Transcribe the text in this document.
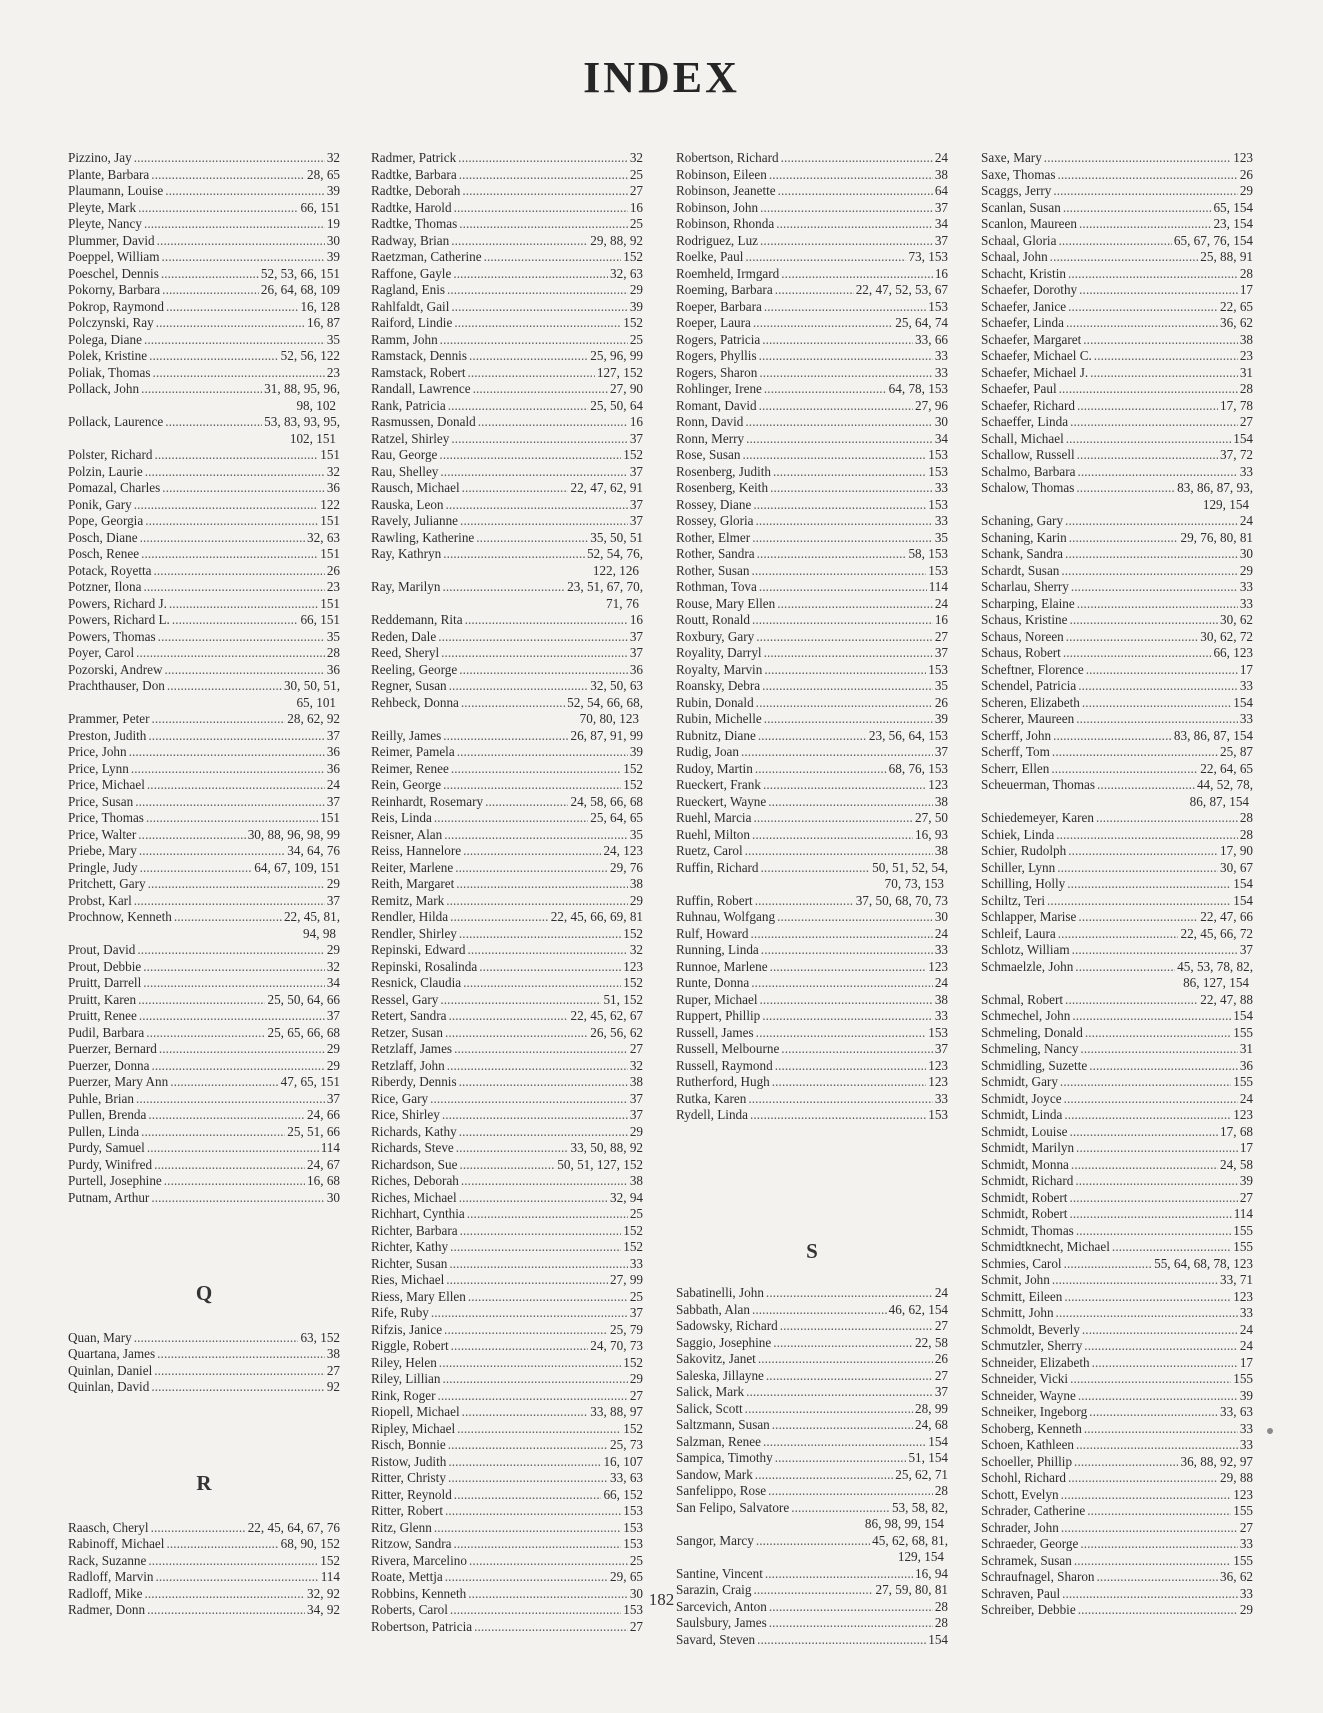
INDEX
Pizzino, Jay . . .	32
Plante, Barbara . . .	28, 65
Plaumann, Louise . . .	39
Pleyte, Mark . . .	66, 151
Pleyte, Nancy . . .	19
Plummer, David . . .	30
Poeppel, William . . .	39
Poeschel, Dennis . . .	52, 53, 66, 151
Pokorny, Barbara . . .	26, 64, 68, 109
Pokrop, Raymond . . .	16, 128
Polczynski, Ray . . .	16, 87
Polega, Diane . . .	35
Polek, Kristine . . .	52, 56, 122
Poliak, Thomas . . .	23
Pollack, John . . .	31, 88, 95, 96,
98, 102
Pollack, Laurence . . .	53, 83, 93, 95,
102, 151
Polster, Richard . . .	151
Polzin, Laurie . . .	32
Pomazal, Charles . . .	36
Ponik, Gary . . .	122
Pope, Georgia . . .	151
Posch, Diane . . .	32, 63
Posch, Renee . . .	151
Potack, Royetta . . .	26
Potzner, Ilona . . .	23
Powers, Richard J. . . .	151
Powers, Richard L. . . .	66, 151
Powers, Thomas . . .	35
Poyer, Carol . . .	28
Pozorski, Andrew . . .	36
Prachthauser, Don . . .	30, 50, 51,
65, 101
Prammer, Peter . . .	28, 62, 92
Preston, Judith . . .	37
Price, John . . .	36
Price, Lynn . . .	36
Price, Michael . . .	24
Price, Susan . . .	37
Price, Thomas . . .	151
Price, Walter . . .	30, 88, 96, 98, 99
Priebe, Mary . . .	34, 64, 76
Pringle, Judy . . .	64, 67, 109, 151
Pritchett, Gary . . .	29
Probst, Karl . . .	37
Prochnow, Kenneth . . .	22, 45, 81,
94, 98
Prout, David . . .	29
Prout, Debbie . . .	32
Pruitt, Darrell . . .	34
Pruitt, Karen . . .	25, 50, 64, 66
Pruitt, Renee . . .	37
Pudil, Barbara . . .	25, 65, 66, 68
Puerzer, Bernard . . .	29
Puerzer, Donna . . .	29
Puerzer, Mary Ann . . .	47, 65, 151
Puhle, Brian . . .	37
Pullen, Brenda . . .	24, 66
Pullen, Linda . . .	25, 51, 66
Purdy, Samuel . . .	114
Purdy, Winifred . . .	24, 67
Purtell, Josephine . . .	16, 68
Putnam, Arthur . . .	30
Q
Quan, Mary . . .	63, 152
Quartana, James . . .	38
Quinlan, Daniel . . .	27
Quinlan, David . . .	92
R
Raasch, Cheryl . . .	22, 45, 64, 67, 76
Rabinoff, Michael . . .	68, 90, 152
Rack, Suzanne . . .	152
Radloff, Marvin . . .	114
Radloff, Mike . . .	32, 92
Radmer, Donn . . .	34, 92
Radmer, Patrick . . .	32
Radtke, Barbara . . .	25
Radtke, Deborah . . .	27
Radtke, Harold . . .	16
Radtke, Thomas . . .	25
Radway, Brian . . .	29, 88, 92
Raetzman, Catherine . . .	152
Raffone, Gayle . . .	32, 63
Ragland, Enis . . .	29
Rahlfaldt, Gail . . .	39
Raiford, Lindie . . .	152
Ramm, John . . .	25
Ramstack, Dennis . . .	25, 96, 99
Ramstack, Robert . . .	127, 152
Randall, Lawrence . . .	27, 90
Rank, Patricia . . .	25, 50, 64
Rasmussen, Donald . . .	16
Ratzel, Shirley . . .	37
Rau, George . . .	152
Rau, Shelley . . .	37
Rausch, Michael . . .	22, 47, 62, 91
Rauska, Leon . . .	37
Ravely, Julianne . . .	37
Rawling, Katherine . . .	35, 50, 51
Ray, Kathryn . . .	52, 54, 76,
122, 126
Ray, Marilyn . . .	23, 51, 67, 70,
71, 76
Reddemann, Rita . . .	16
Reden, Dale . . .	37
Reed, Sheryl . . .	37
Reeling, George . . .	36
Regner, Susan . . .	32, 50, 63
Rehbeck, Donna . . .	52, 54, 66, 68,
70, 80, 123
Reilly, James . . .	26, 87, 91, 99
Reimer, Pamela . . .	39
Reimer, Renee . . .	152
Rein, George . . .	152
Reinhardt, Rosemary . . .	24, 58, 66, 68
Reis, Linda . . .	25, 64, 65
Reisner, Alan . . .	35
Reiss, Hannelore . . .	24, 123
Reiter, Marlene . . .	29, 76
Reith, Margaret . . .	38
Remitz, Mark . . .	29
Rendler, Hilda . . .	22, 45, 66, 69, 81
Rendler, Shirley . . .	152
Repinski, Edward . . .	32
Repinski, Rosalinda . . .	123
Resnick, Claudia . . .	152
Ressel, Gary . . .	51, 152
Retert, Sandra . . .	22, 45, 62, 67
Retzer, Susan . . .	26, 56, 62
Retzlaff, James . . .	27
Retzlaff, John . . .	32
Riberdy, Dennis . . .	38
Rice, Gary . . .	37
Rice, Shirley . . .	37
Richards, Kathy . . .	29
Richards, Steve . . .	33, 50, 88, 92
Richardson, Sue . . .	50, 51, 127, 152
Riches, Deborah . . .	38
Riches, Michael . . .	32, 94
Richhart, Cynthia . . .	25
Richter, Barbara . . .	152
Richter, Kathy . . .	152
Richter, Susan . . .	33
Ries, Michael . . .	27, 99
Riess, Mary Ellen . . .	25
Rife, Ruby . . .	37
Rifzis, Janice . . .	25, 79
Riggle, Robert . . .	24, 70, 73
Riley, Helen . . .	152
Riley, Lillian . . .	29
Rink, Roger . . .	27
Riopell, Michael . . .	33, 88, 97
Ripley, Michael . . .	152
Risch, Bonnie . . .	25, 73
Ristow, Judith . . .	16, 107
Ritter, Christy . . .	33, 63
Ritter, Reynold . . .	66, 152
Ritter, Robert . . .	153
Ritz, Glenn . . .	153
Ritzow, Sandra . . .	153
Rivera, Marcelino . . .	25
Roate, Mettja . . .	29, 65
Robbins, Kenneth . . .	30
Roberts, Carol . . .	153
Robertson, Patricia . . .	27
Robertson, Richard . . .	24
Robinson, Eileen . . .	38
Robinson, Jeanette . . .	64
Robinson, John . . .	37
Robinson, Rhonda . . .	34
Rodriguez, Luz . . .	37
Roelke, Paul . . .	73, 153
Roemheld, Irmgard . . .	16
Roeming, Barbara . . .	22, 47, 52, 53, 67
Roeper, Barbara . . .	153
Roeper, Laura . . .	25, 64, 74
Rogers, Patricia . . .	33, 66
Rogers, Phyllis . . .	33
Rogers, Sharon . . .	33
Rohlinger, Irene . . .	64, 78, 153
Romant, David . . .	27, 96
Ronn, David . . .	30
Ronn, Merry . . .	34
Rose, Susan . . .	153
Rosenberg, Judith . . .	153
Rosenberg, Keith . . .	33
Rossey, Diane . . .	153
Rossey, Gloria . . .	33
Rother, Elmer . . .	35
Rother, Sandra . . .	58, 153
Rother, Susan . . .	153
Rothman, Tova . . .	114
Rouse, Mary Ellen . . .	24
Routt, Ronald . . .	16
Roxbury, Gary . . .	27
Royality, Darryl . . .	37
Royalty, Marvin . . .	153
Roansky, Debra . . .	35
Rubin, Donald . . .	26
Rubin, Michelle . . .	39
Rubnitz, Diane . . .	23, 56, 64, 153
Rudig, Joan . . .	37
Rudoy, Martin . . .	68, 76, 153
Rueckert, Frank . . .	123
Rueckert, Wayne . . .	38
Ruehl, Marcia . . .	27, 50
Ruehl, Milton . . .	16, 93
Ruetz, Carol . . .	38
Ruffin, Richard . . .	50, 51, 52, 54,
70, 73, 153
Ruffin, Robert . . .	37, 50, 68, 70, 73
Ruhnau, Wolfgang . . .	30
Rulf, Howard . . .	24
Running, Linda . . .	33
Runnoe, Marlene . . .	123
Runte, Donna . . .	24
Ruper, Michael . . .	38
Ruppert, Phillip . . .	33
Russell, James . . .	153
Russell, Melbourne . . .	37
Russell, Raymond . . .	123
Rutherford, Hugh . . .	123
Rutka, Karen . . .	33
Rydell, Linda . . .	153
S
Sabatinelli, John . . .	24
Sabbath, Alan . . .	46, 62, 154
Sadowsky, Richard . . .	27
Saggio, Josephine . . .	22, 58
Sakovitz, Janet . . .	26
Saleska, Jillayne . . .	27
Salick, Mark . . .	37
Salick, Scott . . .	28, 99
Saltzmann, Susan . . .	24, 68
Salzman, Renee . . .	154
Sampica, Timothy . . .	51, 154
Sandow, Mark . . .	25, 62, 71
Sanfelippo, Rose . . .	28
San Felipo, Salvatore . . .	53, 58, 82,
86, 98, 99, 154
Sangor, Marcy . . .	45, 62, 68, 81,
129, 154
Santine, Vincent . . .	16, 94
Sarazin, Craig . . .	27, 59, 80, 81
Sarcevich, Anton . . .	28
Saulsbury, James . . .	28
Savard, Steven . . .	154
Saxe, Mary . . .	123
Saxe, Thomas . . .	26
Scaggs, Jerry . . .	29
Scanlan, Susan . . .	65, 154
Scanlon, Maureen . . .	23, 154
Schaal, Gloria . . .	65, 67, 76, 154
Schaal, John . . .	25, 88, 91
Schacht, Kristin . . .	28
Schaefer, Dorothy . . .	17
Schaefer, Janice . . .	22, 65
Schaefer, Linda . . .	36, 62
Schaefer, Margaret . . .	38
Schaefer, Michael C. . . .	23
Schaefer, Michael J. . . .	31
Schaefer, Paul . . .	28
Schaefer, Richard . . .	17, 78
Schaeffer, Linda . . .	27
Schall, Michael . . .	154
Schallow, Russell . . .	37, 72
Schalmo, Barbara . . .	33
Schalow, Thomas . . .	83, 86, 87, 93,
129, 154
Schaning, Gary . . .	24
Schaning, Karin . . .	29, 76, 80, 81
Schank, Sandra . . .	30
Schardt, Susan . . .	29
Scharlau, Sherry . . .	33
Scharping, Elaine . . .	33
Schaus, Kristine . . .	30, 62
Schaus, Noreen . . .	30, 62, 72
Schaus, Robert . . .	66, 123
Scheftner, Florence . . .	17
Schendel, Patricia . . .	33
Scheren, Elizabeth . . .	154
Scherer, Maureen . . .	33
Scherff, John . . .	83, 86, 87, 154
Scherff, Tom . . .	25, 87
Scherr, Ellen . . .	22, 64, 65
Scheuerman, Thomas . . .	44, 52, 78,
86, 87, 154
Schiedemeyer, Karen . . .	28
Schiek, Linda . . .	28
Schier, Rudolph . . .	17, 90
Schiller, Lynn . . .	30, 67
Schilling, Holly . . .	154
Schiltz, Teri . . .	154
Schlapper, Marise . . .	22, 47, 66
Schleif, Laura . . .	22, 45, 66, 72
Schlotz, William . . .	37
Schmaelzle, John . . .	45, 53, 78, 82,
86, 127, 154
Schmal, Robert . . .	22, 47, 88
Schmechel, John . . .	154
Schmeling, Donald . . .	155
Schmeling, Nancy . . .	31
Schmidling, Suzette . . .	36
Schmidt, Gary . . .	155
Schmidt, Joyce . . .	24
Schmidt, Linda . . .	123
Schmidt, Louise . . .	17, 68
Schmidt, Marilyn . . .	17
Schmidt, Monna . . .	24, 58
Schmidt, Richard . . .	39
Schmidt, Robert . . .	27
Schmidt, Robert . . .	114
Schmidt, Thomas . . .	155
Schmidtknecht, Michael . . .	155
Schmies, Carol . . .	55, 64, 68, 78, 123
Schmit, John . . .	33, 71
Schmitt, Eileen . . .	123
Schmitt, John . . .	33
Schmoldt, Beverly . . .	24
Schmutzler, Sherry . . .	24
Schneider, Elizabeth . . .	17
Schneider, Vicki . . .	155
Schneider, Wayne . . .	39
Schneiker, Ingeborg . . .	33, 63
Schoberg, Kenneth . . .	33
Schoen, Kathleen . . .	33
Schoeller, Phillip . . .	36, 88, 92, 97
Schohl, Richard . . .	29, 88
Schott, Evelyn . . .	123
Schrader, Catherine . . .	155
Schrader, John . . .	27
Schraeder, George . . .	33
Schramek, Susan . . .	155
Schraufnagel, Sharon . . .	36, 62
Schraven, Paul . . .	33
Schreiber, Debbie . . .	29
182
